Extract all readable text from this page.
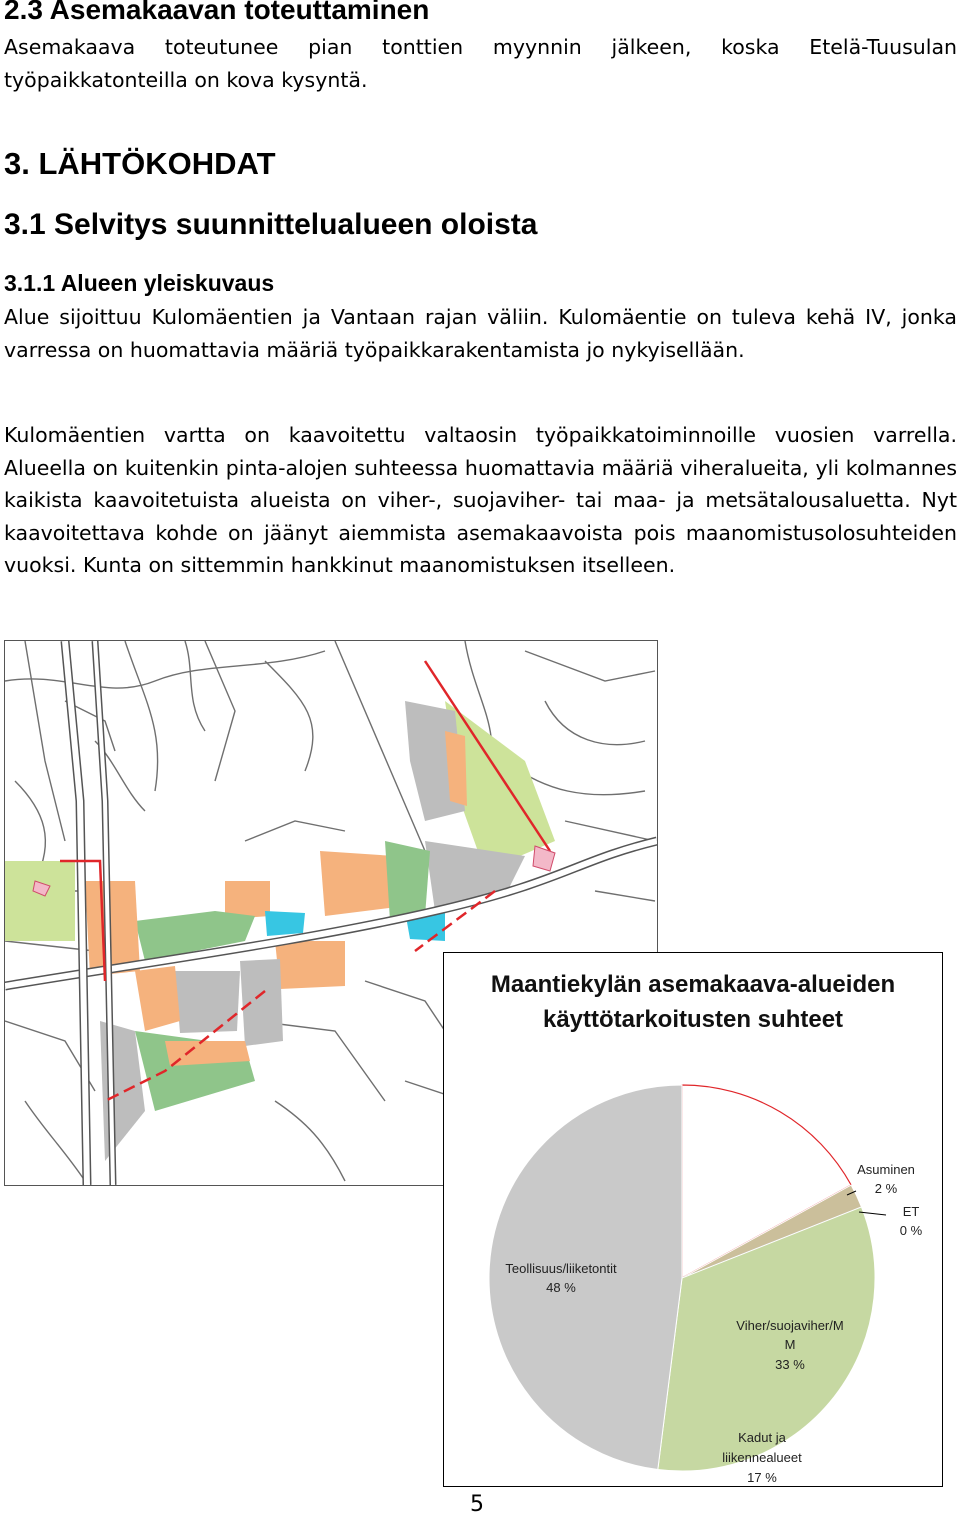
2.3 Asemakaavan toteuttaminen

Asemakaava toteutunee pian tonttien myynnin jälkeen, koska Etelä-Tuusulan työpaikkatonteilla on kova kysyntä.

3. LÄHTÖKOHDAT
3.1 Selvitys suunnittelualueen oloista
3.1.1 Alueen yleiskuvaus

Alue sijoittuu Kulomäentien ja Vantaan rajan väliin. Kulomäentie on tuleva kehä IV, jonka varressa on huomattavia määriä työpaikkarakentamista jo nykyisellään.

Kulomäentien vartta on kaavoitettu valtaosin työpaikkatoiminnoille vuosien varrella. Alueella on kuitenkin pinta-alojen suhteessa huomattavia määriä viheralueita, yli kolmannes kaikista kaavoitetuista alueista on viher-, suojaviher- tai maa- ja metsätalousaluetta. Nyt kaavoitettava kohde on jäänyt aiemmista asemakaavoista pois maanomistusolosuhteiden vuoksi. Kunta on sittemmin hankkinut maanomistuksen itselleen.

Maantiekylän asemakaava-alueiden
käyttötarkoitusten suhteet
Kadut ja
liikennealueet
17 %
Asuminen
2 %
ET
0 %
Viher/suojaviher/M
M
33 %
Teollisuus/liiketontit
48 %
5
